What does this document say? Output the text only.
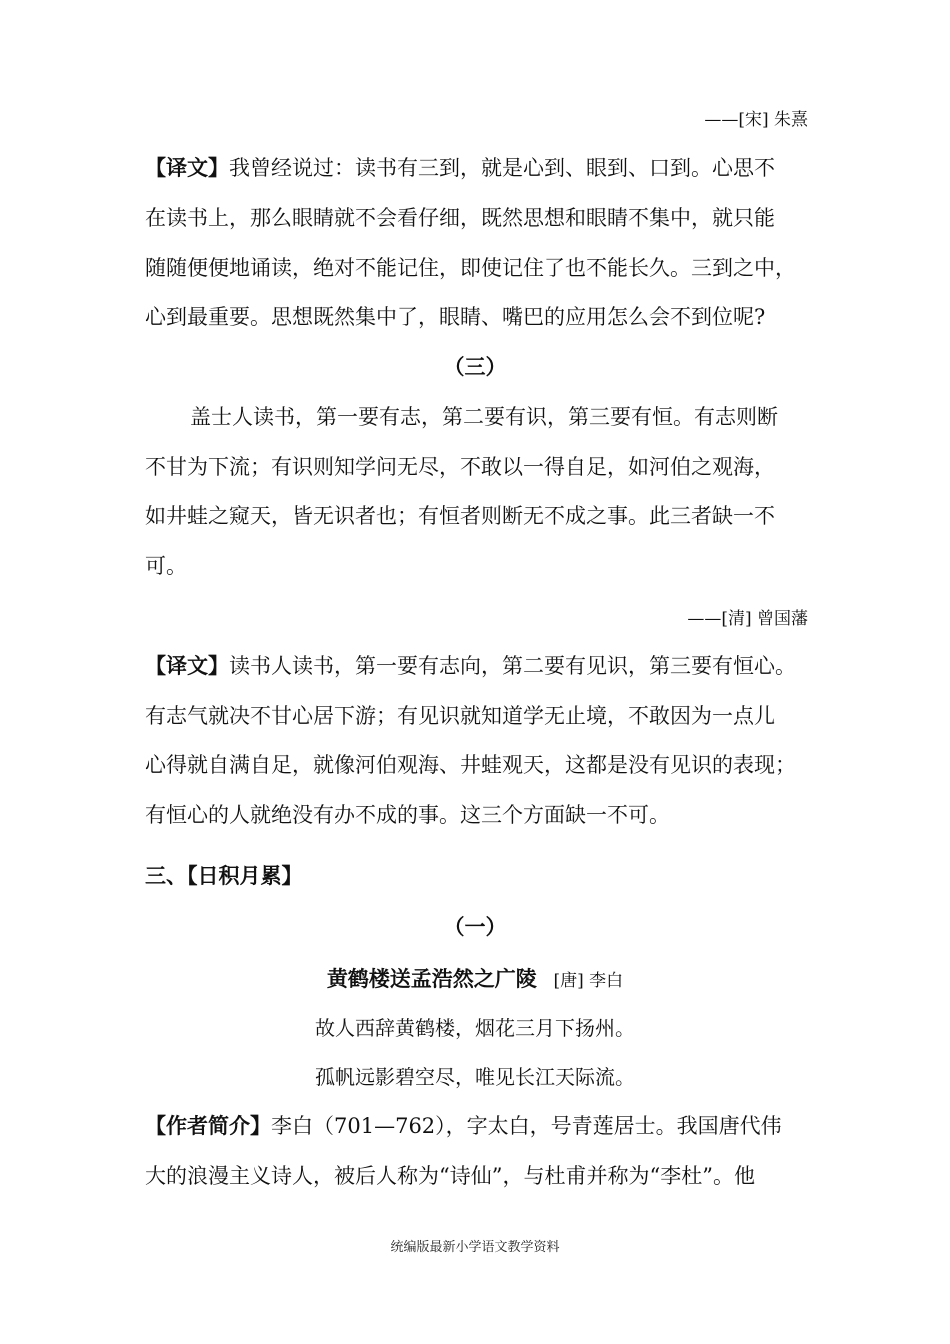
——[宋] 朱熹
【译文】我曾经说过：读书有三到，就是心到、眼到、口到。心思不
在读书上，那么眼睛就不会看仔细，既然思想和眼睛不集中，就只能
随随便便地诵读，绝对不能记住，即使记住了也不能长久。三到之中，
心到最重要。思想既然集中了，眼睛、嘴巴的应用怎么会不到位呢?
（三）
盖士人读书，第一要有志，第二要有识，第三要有恒。有志则断
不甘为下流；有识则知学问无尽，不敢以一得自足，如河伯之观海，
如井蛙之窥天，皆无识者也；有恒者则断无不成之事。此三者缺一不
可。
——[清] 曾国藩
【译文】读书人读书，第一要有志向，第二要有见识，第三要有恒心。
有志气就决不甘心居下游；有见识就知道学无止境，不敢因为一点儿
心得就自满自足，就像河伯观海、井蛙观天，这都是没有见识的表现；
有恒心的人就绝没有办不成的事。这三个方面缺一不可。
三、【日积月累】
（一）
黄鹤楼送孟浩然之广陵 [唐] 李白
故人西辞黄鹤楼，烟花三月下扬州。
孤帆远影碧空尽，唯见长江天际流。
【作者简介】李白（701—762），字太白，号青莲居士。我国唐代伟
大的浪漫主义诗人，被后人称为“诗仙”，与杜甫并称为“李杜”。他
统编版最新小学语文教学资料
